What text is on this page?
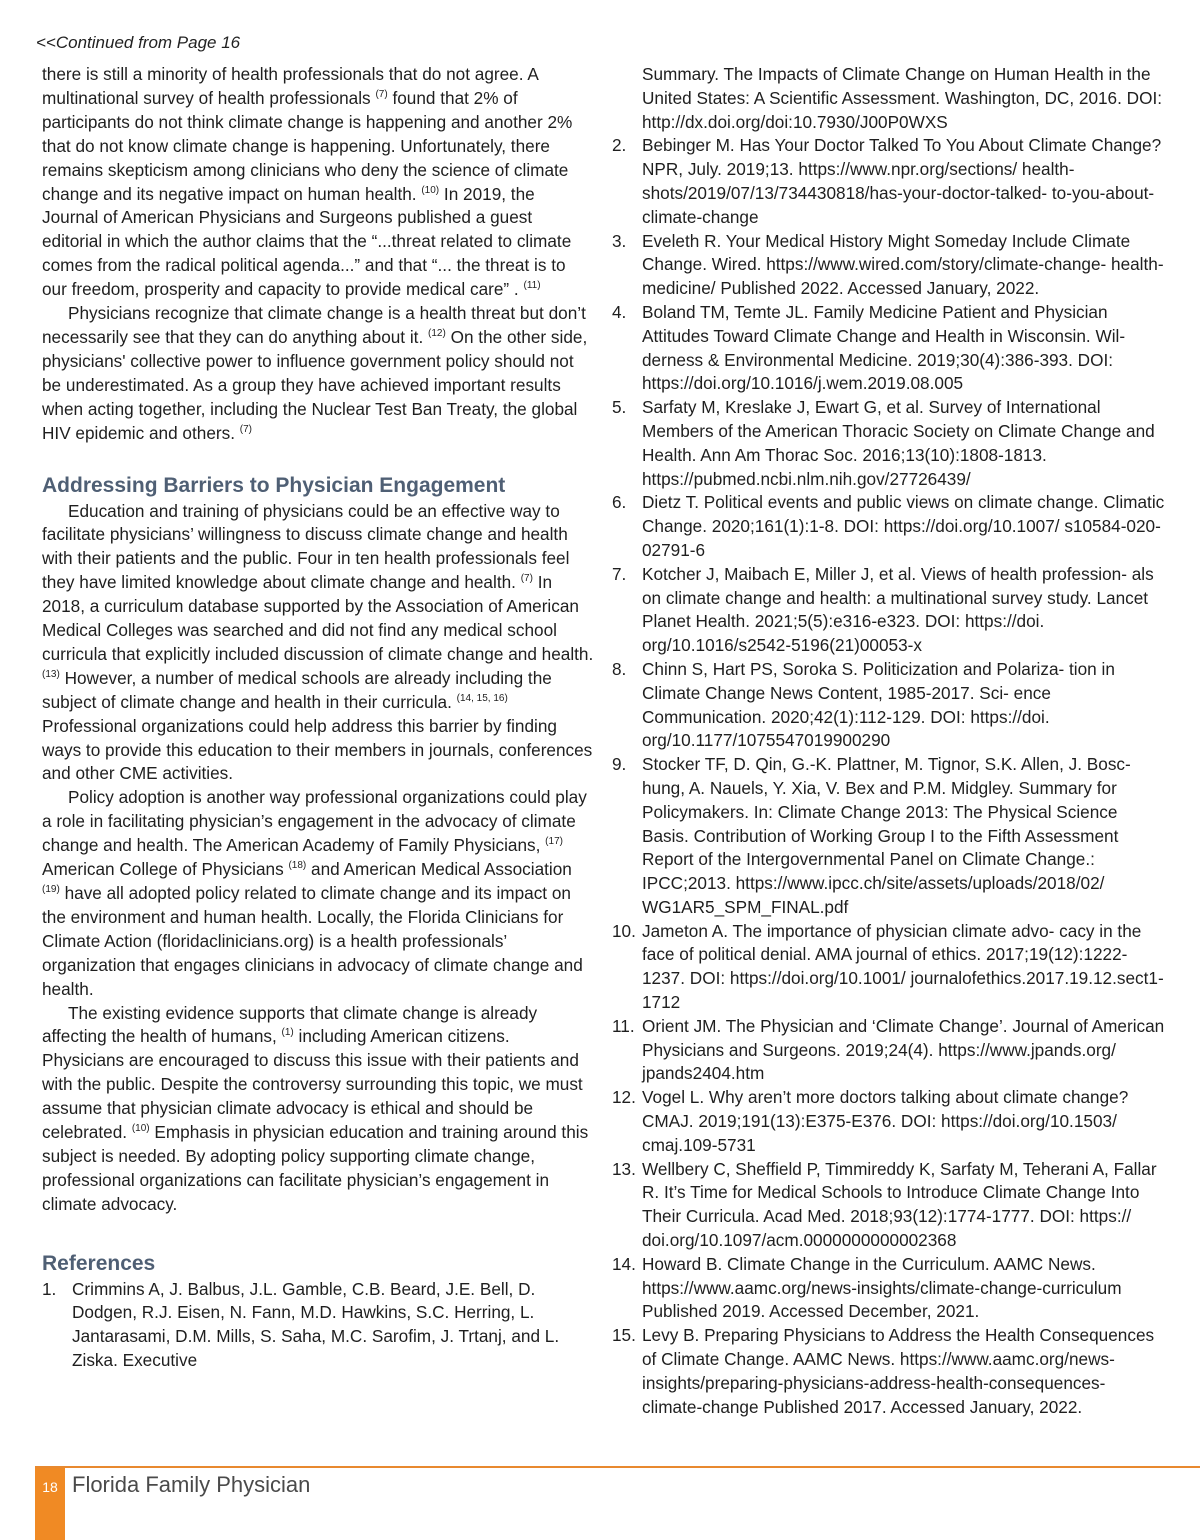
<<Continued from Page 16

there is still a minority of health professionals that do not agree. A multinational survey of health professionals $^{(7)}$ found that 2% of participants do not think climate change is happening and another 2% that do not know climate change is happening. Unfortunately, there remains skepticism among clinicians who deny the science of climate change and its negative impact on human health. $^{(10)}$ In 2019, the Journal of American Physicians and Surgeons published a guest editorial in which the author claims that the “...threat related to climate comes from the radical political agenda...” and that “... the threat is to our freedom, prosperity and capacity to provide medical care” . $^{(11)}$

Physicians recognize that climate change is a health threat but don’t necessarily see that they can do anything about it. $^{(12)}$ On the other side, physicians' collective power to influence government policy should not be underestimated. As a group they have achieved important results when acting together, including the Nuclear Test Ban Treaty, the global HIV epidemic and others. $^{(7)}$

Addressing Barriers to Physician Engagement

Education and training of physicians could be an effective way to facilitate physicians’ willingness to discuss climate change and health with their patients and the public. Four in ten health professionals feel they have limited knowledge about climate change and health. $^{(7)}$ In 2018, a curriculum database supported by the Association of American Medical Colleges was searched and did not find any medical school curricula that explicitly included discussion of climate change and health. $^{(13)}$ However, a number of medical schools are already including the subject of climate change and health in their curricula. $^{(14, 15, 16)}$ Professional organizations could help address this barrier by finding ways to provide this education to their members in journals, conferences and other CME activities.

Policy adoption is another way professional organizations could play a role in facilitating physician’s engagement in the advocacy of climate change and health. The American Academy of Family Physicians, $^{(17)}$ American College of Physicians $^{(18)}$ and American Medical Association $^{(19)}$ have all adopted policy related to climate change and its impact on the environment and human health. Locally, the Florida Clinicians for Climate Action (floridaclinicians.org) is a health professionals’ organization that engages clinicians in advocacy of climate change and health.

The existing evidence supports that climate change is already affecting the health of humans, $^{(1)}$ including American citizens. Physicians are encouraged to discuss this issue with their patients and with the public. Despite the controversy surrounding this topic, we must assume that physician climate advocacy is ethical and should be celebrated. $^{(10)}$ Emphasis in physician education and training around this subject is needed. By adopting policy supporting climate change, professional organizations can facilitate physician’s engagement in climate advocacy.

References
1. Crimmins A, J. Balbus, J.L. Gamble, C.B. Beard, J.E. Bell, D. Dodgen, R.J. Eisen, N. Fann, M.D. Hawkins, S.C. Herring, L. Jantarasami, D.M. Mills, S. Saha, M.C. Sarofim, J. Trtanj, and L. Ziska. Executive
Summary. The Impacts of Climate Change on Human Health in the United States: A Scientific Assessment. Washington, DC, 2016. DOI: http://dx.doi.org/doi:10.7930/J00P0WXS
2. Bebinger M. Has Your Doctor Talked To You About Climate Change? NPR, July. 2019;13. https://www.npr.org/sections/ health-shots/2019/07/13/734430818/has-your-doctor-talked- to-you-about-climate-change
3. Eveleth R. Your Medical History Might Someday Include Climate Change. Wired. https://www.wired.com/story/climate-change- health-medicine/ Published 2022. Accessed January, 2022.
4. Boland TM, Temte JL. Family Medicine Patient and Physician Attitudes Toward Climate Change and Health in Wisconsin. Wil- derness & Environmental Medicine. 2019;30(4):386-393. DOI: https://doi.org/10.1016/j.wem.2019.08.005
5. Sarfaty M, Kreslake J, Ewart G, et al. Survey of International Members of the American Thoracic Society on Climate Change and Health. Ann Am Thorac Soc. 2016;13(10):1808-1813. https://pubmed.ncbi.nlm.nih.gov/27726439/
6. Dietz T. Political events and public views on climate change. Climatic Change. 2020;161(1):1-8. DOI: https://doi.org/10.1007/ s10584-020-02791-6
7. Kotcher J, Maibach E, Miller J, et al. Views of health profession- als on climate change and health: a multinational survey study. Lancet Planet Health. 2021;5(5):e316-e323. DOI: https://doi. org/10.1016/s2542-5196(21)00053-x
8. Chinn S, Hart PS, Soroka S. Politicization and Polariza- tion in Climate Change News Content, 1985-2017. Sci- ence Communication. 2020;42(1):112-129. DOI: https://doi. org/10.1177/1075547019900290
9. Stocker TF, D. Qin, G.-K. Plattner, M. Tignor, S.K. Allen, J. Bosc- hung, A. Nauels, Y. Xia, V. Bex and P.M. Midgley. Summary for Policymakers. In: Climate Change 2013: The Physical Science Basis. Contribution of Working Group I to the Fifth Assessment Report of the Intergovernmental Panel on Climate Change.: IPCC;2013. https://www.ipcc.ch/site/assets/uploads/2018/02/ WG1AR5_SPM_FINAL.pdf
10. Jameton A. The importance of physician climate advo- cacy in the face of political denial. AMA journal of ethics. 2017;19(12):1222-1237. DOI: https://doi.org/10.1001/ journalofethics.2017.19.12.sect1-1712
11. Orient JM. The Physician and ‘Climate Change’. Journal of American Physicians and Surgeons. 2019;24(4). https://www.jpands.org/ jpands2404.htm
12. Vogel L. Why aren’t more doctors talking about climate change? CMAJ. 2019;191(13):E375-E376. DOI: https://doi.org/10.1503/ cmaj.109-5731
13. Wellbery C, Sheffield P, Timmireddy K, Sarfaty M, Teherani A, Fallar R. It’s Time for Medical Schools to Introduce Climate Change Into Their Curricula. Acad Med. 2018;93(12):1774-1777. DOI: https:// doi.org/10.1097/acm.0000000000002368
14. Howard B. Climate Change in the Curriculum. AAMC News. https://www.aamc.org/news-insights/climate-change-curriculum Published 2019. Accessed December, 2021.
15. Levy B. Preparing Physicians to Address the Health Consequences of Climate Change. AAMC News. https://www.aamc.org/news- insights/preparing-physicians-address-health-consequences- climate-change Published 2017. Accessed January, 2022.
18 Florida Family Physician
